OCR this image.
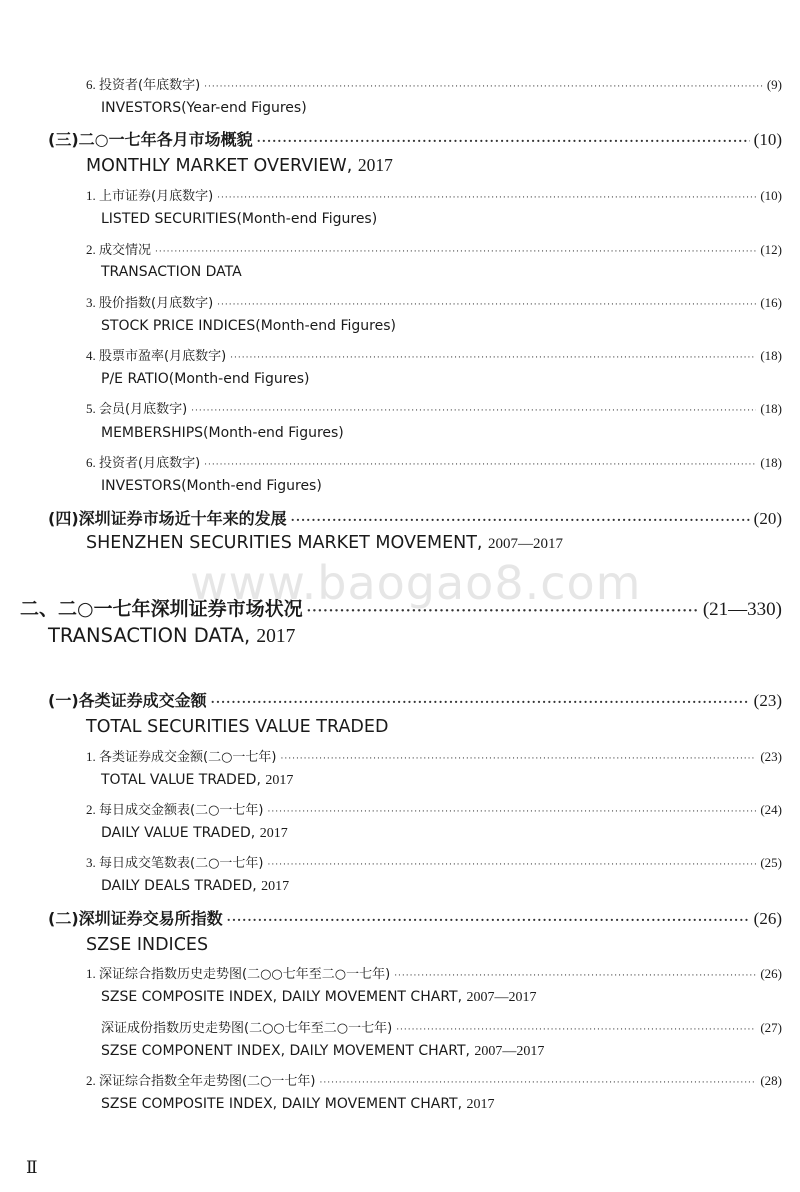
www.baogao8.com
6. 投资者(年底数字) ·····	(9)
INVESTORS(Year-end Figures)
(三)二○一七年各月市场概貌 ·····	(10)
MONTHLY MARKET OVERVIEW, 2017
1. 上市证券(月底数字) ·····	(10)
LISTED SECURITIES(Month-end Figures)
2. 成交情况 ·····	(12)
TRANSACTION DATA
3. 股价指数(月底数字) ·····	(16)
STOCK PRICE INDICES(Month-end Figures)
4. 股票市盈率(月底数字) ·····	(18)
P/E RATIO(Month-end Figures)
5. 会员(月底数字) ·····	(18)
MEMBERSHIPS(Month-end Figures)
6. 投资者(月底数字) ·····	(18)
INVESTORS(Month-end Figures)
(四)深圳证券市场近十年来的发展 ·····	(20)
SHENZHEN SECURITIES MARKET MOVEMENT, 2007—2017
二、二○一七年深圳证券市场状况 ·····	(21—330)
TRANSACTION DATA, 2017
(一)各类证券成交金额 ·····	(23)
TOTAL SECURITIES VALUE TRADED
1. 各类证券成交金额(二○一七年) ·····	(23)
TOTAL VALUE TRADED, 2017
2. 每日成交金额表(二○一七年) ·····	(24)
DAILY VALUE TRADED, 2017
3. 每日成交笔数表(二○一七年) ·····	(25)
DAILY DEALS TRADED, 2017
(二)深圳证券交易所指数 ·····	(26)
SZSE INDICES
1. 深证综合指数历史走势图(二○○七年至二○一七年) ·····	(26)
SZSE COMPOSITE INDEX, DAILY MOVEMENT CHART, 2007—2017
深证成份指数历史走势图(二○○七年至二○一七年) ·····	(27)
SZSE COMPONENT INDEX, DAILY MOVEMENT CHART, 2007—2017
2. 深证综合指数全年走势图(二○一七年) ·····	(28)
SZSE COMPOSITE INDEX, DAILY MOVEMENT CHART, 2017
Ⅱ
